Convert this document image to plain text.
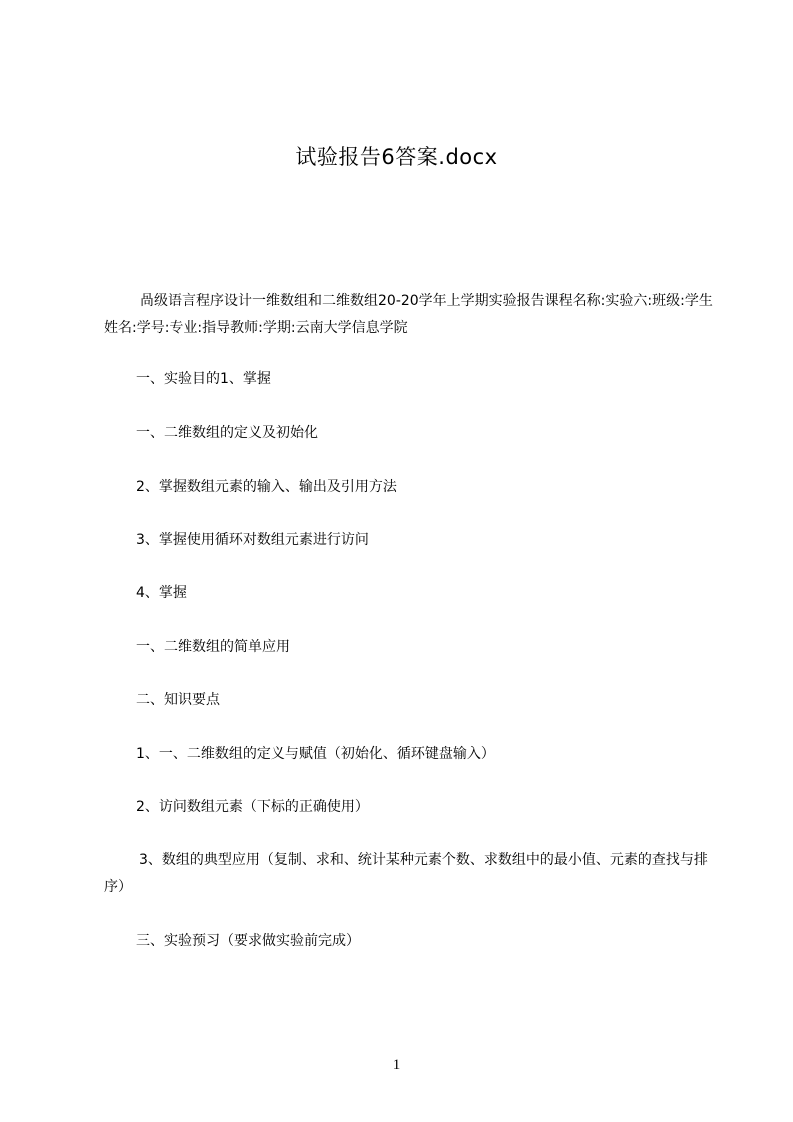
试验报告6答案.docx
咼级语言程序设计一维数组和二维数组20-20学年上学期实验报告课程名称:实验六:班级:学生姓名:学号:专业:指导教师:学期:云南大学信息学院
一、实验目的1、掌握
一、二维数组的定义及初始化
2、掌握数组元素的输入、输出及引用方法
3、掌握使用循环对数组元素进行访问
4、掌握
一、二维数组的简单应用
二、知识要点
1、一、二维数组的定义与赋值（初始化、循环键盘输入）
2、访问数组元素（下标的正确使用）
3、数组的典型应用（复制、求和、统计某种元素个数、求数组中的最小值、元素的查找与排序）
三、实验预习（要求做实验前完成）
1
